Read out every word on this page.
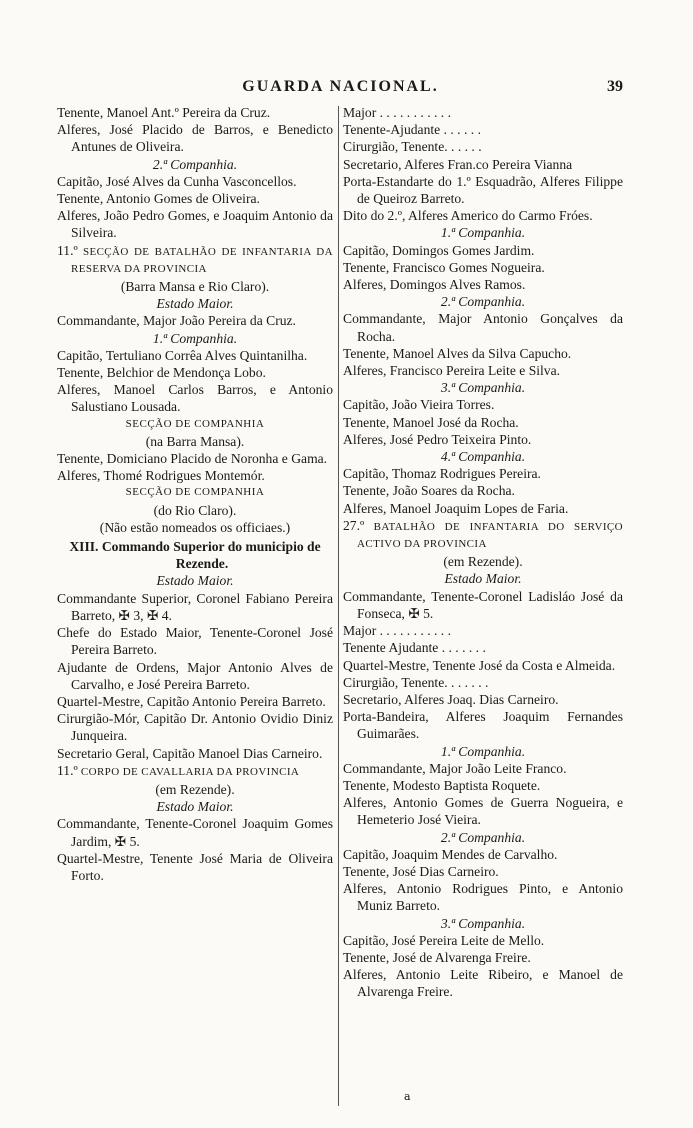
GUARDA NACIONAL.	39

Tenente, Manoel Ant.º Pereira da Cruz.

Alferes, José Placido de Barros, e Benedicto Antunes de Oliveira.

2.ª Companhia.

Capitão, José Alves da Cunha Vasconcellos.

Tenente, Antonio Gomes de Oliveira.

Alferes, João Pedro Gomes, e Joaquim Antonio da Silveira.

11.º SECÇÃO DE BATALHÃO DE INFANTARIA DA RESERVA DA PROVINCIA

(Barra Mansa e Rio Claro).

Estado Maior.

Commandante, Major João Pereira da Cruz.

1.ª Companhia.

Capitão, Tertuliano Corrêa Alves Quintanilha.

Tenente, Belchior de Mendonça Lobo.

Alferes, Manoel Carlos Barros, e Antonio Salustiano Lousada.

SECÇÃO DE COMPANHIA

(na Barra Mansa).

Tenente, Domiciano Placido de Noronha e Gama.

Alferes, Thomé Rodrigues Montemór.

SECÇÃO DE COMPANHIA

(do Rio Claro).

(Não estão nomeados os officiaes.)

XIII. Commando Superior do municipio de Rezende.

Estado Maior.

Commandante Superior, Coronel Fabiano Pereira Barreto, ✠ 3, ✠ 4.

Chefe do Estado Maior, Tenente-Coronel José Pereira Barreto.

Ajudante de Ordens, Major Antonio Alves de Carvalho, e José Pereira Barreto.

Quartel-Mestre, Capitão Antonio Pereira Barreto.

Cirurgião-Mór, Capitão Dr. Antonio Ovidio Diniz Junqueira.

Secretario Geral, Capitão Manoel Dias Carneiro.

11.º CORPO DE CAVALLARIA DA PROVINCIA

(em Rezende).

Estado Maior.

Commandante, Tenente-Coronel Joaquim Gomes Jardim, ✠ 5.

Quartel-Mestre, Tenente José Maria de Oliveira Forto.

Major . . . . . . . . . . .

Tenente-Ajudante . . . . . .

Cirurgião, Tenente. . . . . .

Secretario, Alferes Fran.co Pereira Vianna

Porta-Estandarte do 1.º Esquadrão, Alferes Filippe de Queiroz Barreto.

Dito do 2.º, Alferes Americo do Carmo Fróes.

1.ª Companhia.

Capitão, Domingos Gomes Jardim.

Tenente, Francisco Gomes Nogueira.

Alferes, Domingos Alves Ramos.

2.ª Companhia.

Commandante, Major Antonio Gonçalves da Rocha.

Tenente, Manoel Alves da Silva Capucho.

Alferes, Francisco Pereira Leite e Silva.

3.ª Companhia.

Capitão, João Vieira Torres.

Tenente, Manoel José da Rocha.

Alferes, José Pedro Teixeira Pinto.

4.ª Companhia.

Capitão, Thomaz Rodrigues Pereira.

Tenente, João Soares da Rocha.

Alferes, Manoel Joaquim Lopes de Faria.

27.º BATALHÃO DE INFANTARIA DO SERVIÇO ACTIVO DA PROVINCIA

(em Rezende).

Estado Maior.

Commandante, Tenente-Coronel Ladisláo José da Fonseca, ✠ 5.

Major . . . . . . . . . . .

Tenente Ajudante . . . . . . .

Quartel-Mestre, Tenente José da Costa e Almeida.

Cirurgião, Tenente. . . . . . .

Secretario, Alferes Joaq. Dias Carneiro.

Porta-Bandeira, Alferes Joaquim Fernandes Guimarães.

1.ª Companhia.

Commandante, Major João Leite Franco.

Tenente, Modesto Baptista Roquete.

Alferes, Antonio Gomes de Guerra Nogueira, e Hemeterio José Vieira.

2.ª Companhia.

Capitão, Joaquim Mendes de Carvalho.

Tenente, José Dias Carneiro.

Alferes, Antonio Rodrigues Pinto, e Antonio Muniz Barreto.

3.ª Companhia.

Capitão, José Pereira Leite de Mello.

Tenente, José de Alvarenga Freire.

Alferes, Antonio Leite Ribeiro, e Manoel de Alvarenga Freire.

a
